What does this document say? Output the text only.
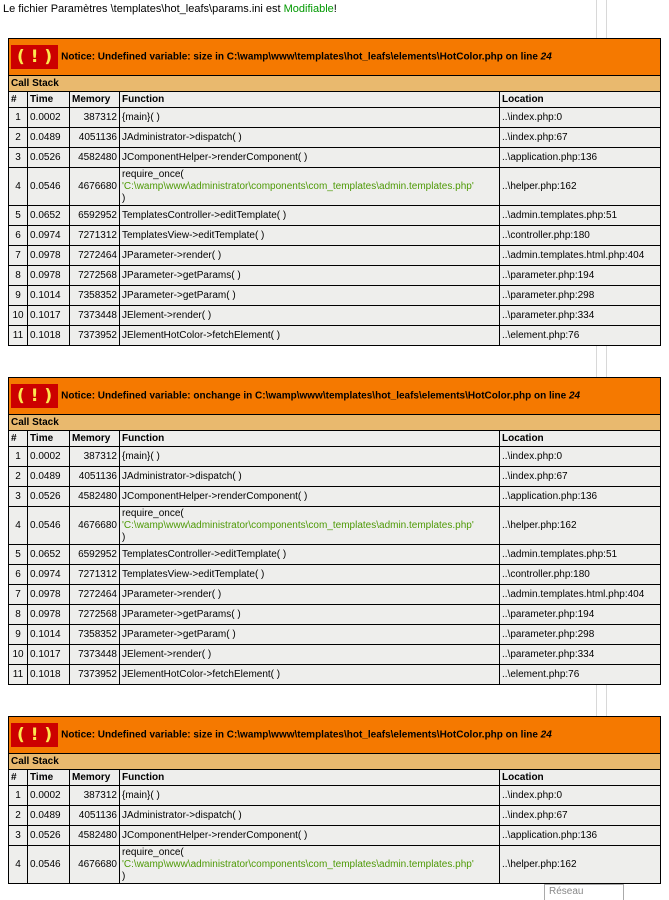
Le fichier Paramètres \templates\hot_leafs\params.ini est Modifiable!
( ! ) Notice: Undefined variable: size in C:\wamp\www\templates\hot_leafs\elements\HotColor.php on line 24				
Call Stack				
#	Time	Memory	Function	Location
1	0.0002	387312	{main}( )	..\index.php:0
2	0.0489	4051136	JAdministrator->dispatch( )	..\index.php:67
3	0.0526	4582480	JComponentHelper->renderComponent( )	..\application.php:136
4	0.0546	4676680	require_once(
'C:\wamp\www\administrator\components\com_templates\admin.templates.php'
)	..\helper.php:162
5	0.0652	6592952	TemplatesController->editTemplate( )	..\admin.templates.php:51
6	0.0974	7271312	TemplatesView->editTemplate( )	..\controller.php:180
7	0.0978	7272464	JParameter->render( )	..\admin.templates.html.php:404
8	0.0978	7272568	JParameter->getParams( )	..\parameter.php:194
9	0.1014	7358352	JParameter->getParam( )	..\parameter.php:298
10	0.1017	7373448	JElement->render( )	..\parameter.php:334
11	0.1018	7373952	JElementHotColor->fetchElement( )	..\element.php:76
( ! ) Notice: Undefined variable: onchange in C:\wamp\www\templates\hot_leafs\elements\HotColor.php on line 24				
Call Stack				
#	Time	Memory	Function	Location
1	0.0002	387312	{main}( )	..\index.php:0
2	0.0489	4051136	JAdministrator->dispatch( )	..\index.php:67
3	0.0526	4582480	JComponentHelper->renderComponent( )	..\application.php:136
4	0.0546	4676680	require_once(
'C:\wamp\www\administrator\components\com_templates\admin.templates.php'
)	..\helper.php:162
5	0.0652	6592952	TemplatesController->editTemplate( )	..\admin.templates.php:51
6	0.0974	7271312	TemplatesView->editTemplate( )	..\controller.php:180
7	0.0978	7272464	JParameter->render( )	..\admin.templates.html.php:404
8	0.0978	7272568	JParameter->getParams( )	..\parameter.php:194
9	0.1014	7358352	JParameter->getParam( )	..\parameter.php:298
10	0.1017	7373448	JElement->render( )	..\parameter.php:334
11	0.1018	7373952	JElementHotColor->fetchElement( )	..\element.php:76
( ! ) Notice: Undefined variable: size in C:\wamp\www\templates\hot_leafs\elements\HotColor.php on line 24				
Call Stack				
#	Time	Memory	Function	Location
1	0.0002	387312	{main}( )	..\index.php:0
2	0.0489	4051136	JAdministrator->dispatch( )	..\index.php:67
3	0.0526	4582480	JComponentHelper->renderComponent( )	..\application.php:136
4	0.0546	4676680	require_once(
'C:\wamp\www\administrator\components\com_templates\admin.templates.php'
)	..\helper.php:162
Réseau
